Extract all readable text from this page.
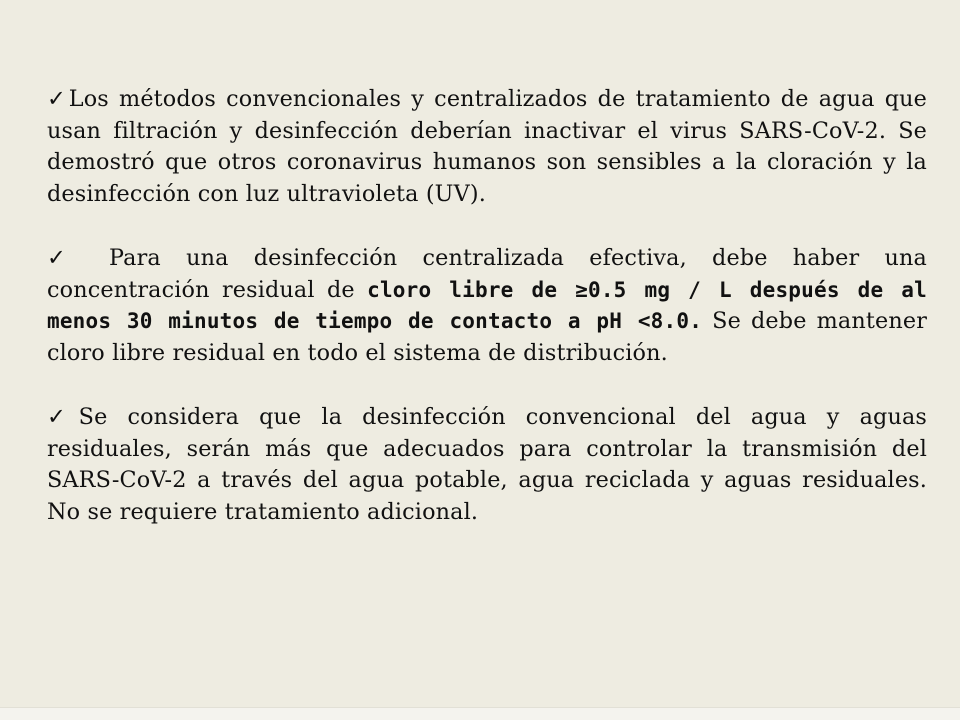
✓Los métodos convencionales y centralizados de tratamiento de agua que usan filtración y desinfección deberían inactivar el virus SARS-CoV-2. Se demostró que otros coronavirus humanos son sensibles a la cloración y la desinfección con luz ultravioleta (UV).

✓ Para una desinfección centralizada efectiva, debe haber una concentración residual de cloro libre de ≥0.5 mg / L después de al menos 30 minutos de tiempo de contacto a pH <8.0. Se debe mantener cloro libre residual en todo el sistema de distribución.

✓Se considera que la desinfección convencional del agua y aguas residuales, serán más que adecuados para controlar la transmisión del SARS-CoV-2 a través del agua potable, agua reciclada y aguas residuales. No se requiere tratamiento adicional.
